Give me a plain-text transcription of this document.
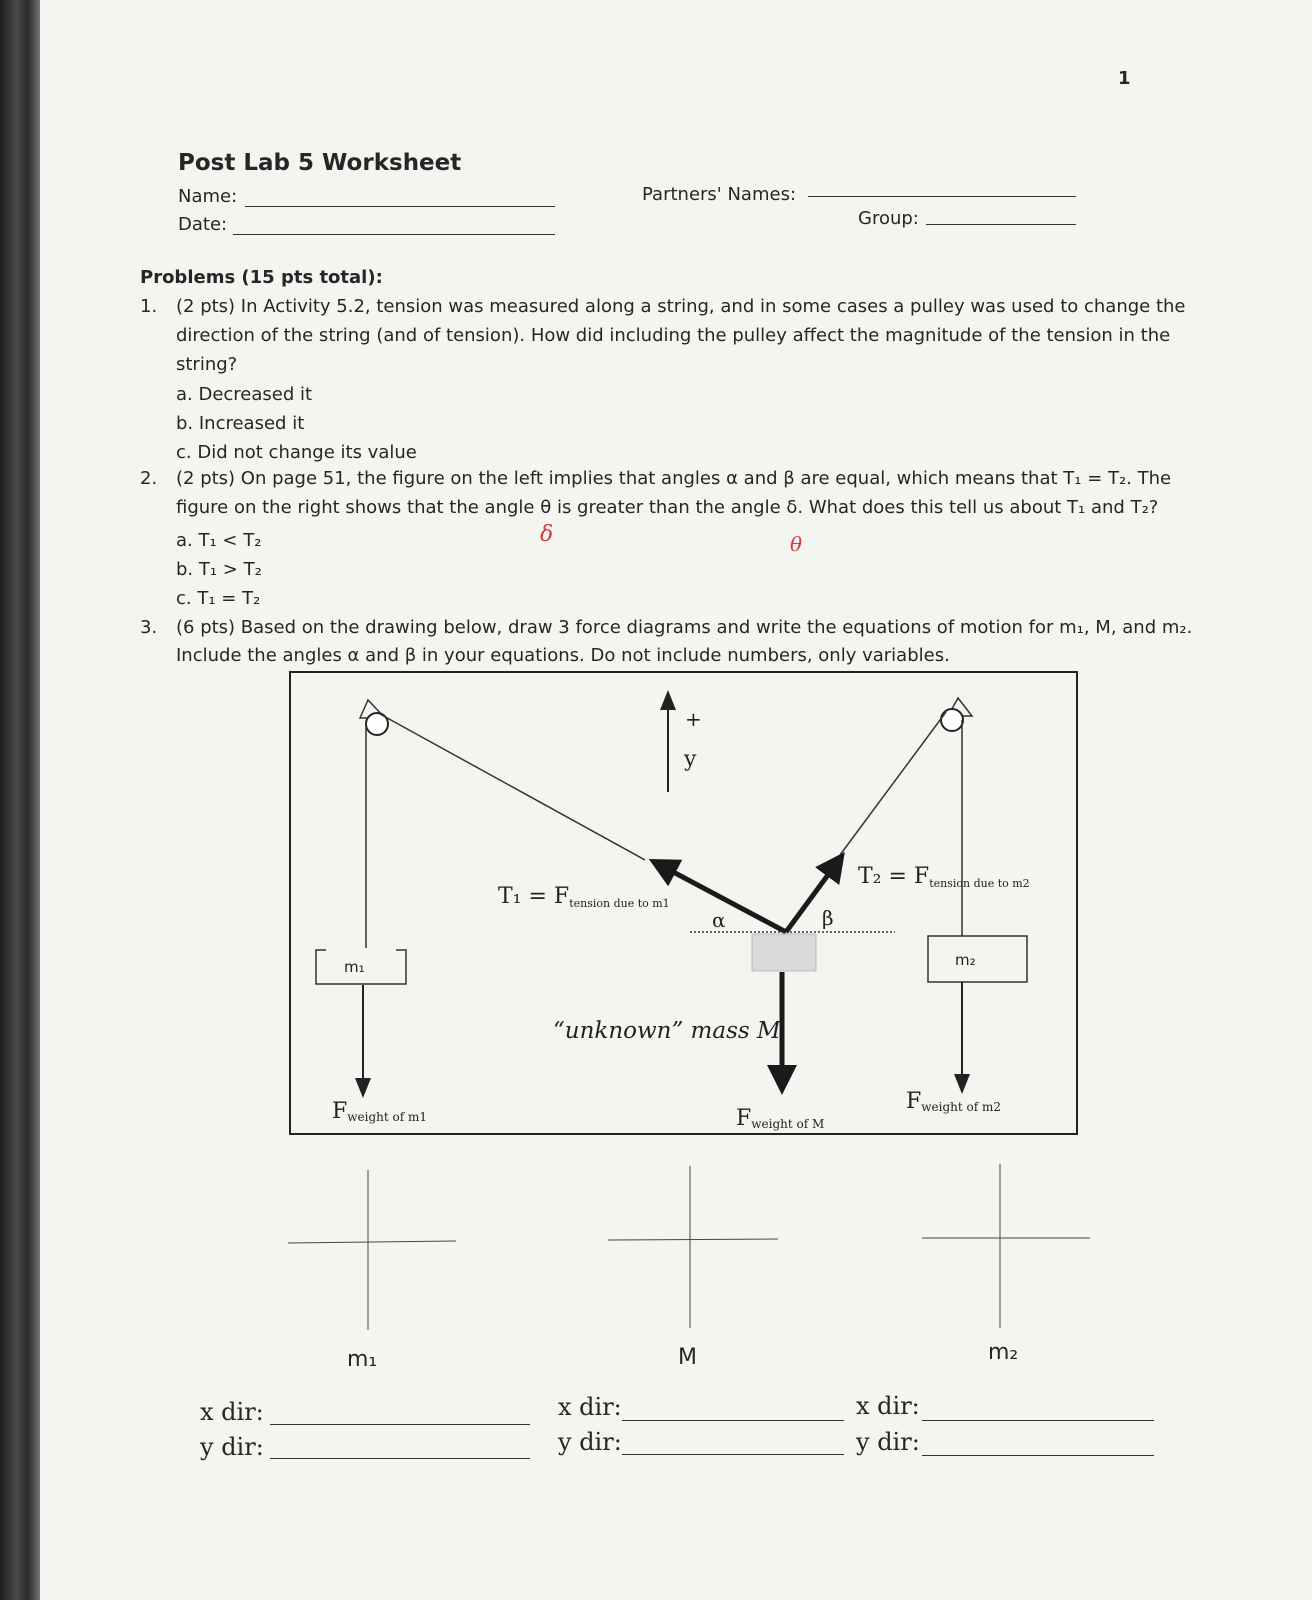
1
Post Lab 5 Worksheet
Name:
Date:
Partners' Names:
Group:
Problems (15 pts total):
1. (2 pts) In Activity 5.2, tension was measured along a string, and in some cases a pulley was used to change the
direction of the string (and of tension). How did including the pulley affect the magnitude of the tension in the
string?
a. Decreased it
b. Increased it
c. Did not change its value
2. (2 pts) On page 51, the figure on the left implies that angles α and β are equal, which means that T₁ = T₂. The
figure on the right shows that the angle θ is greater than the angle δ. What does this tell us about T₁ and T₂?
δ	θ
a. T₁ < T₂
b. T₁ > T₂
c. T₁ = T₂
3. (6 pts) Based on the drawing below, draw 3 force diagrams and write the equations of motion for m₁, M, and m₂.
Include the angles α and β in your equations. Do not include numbers, only variables.
+
y
α	β
T₁ = Ftension due to m1
T₂ = Ftension due to m2
“unknown” mass M
m₁	m₂
Fweight of m1	Fweight of M
Fweight of m2
m₁	M	m₂
x dir:
y dir:
x dir:
y dir:
x dir:
y dir:
